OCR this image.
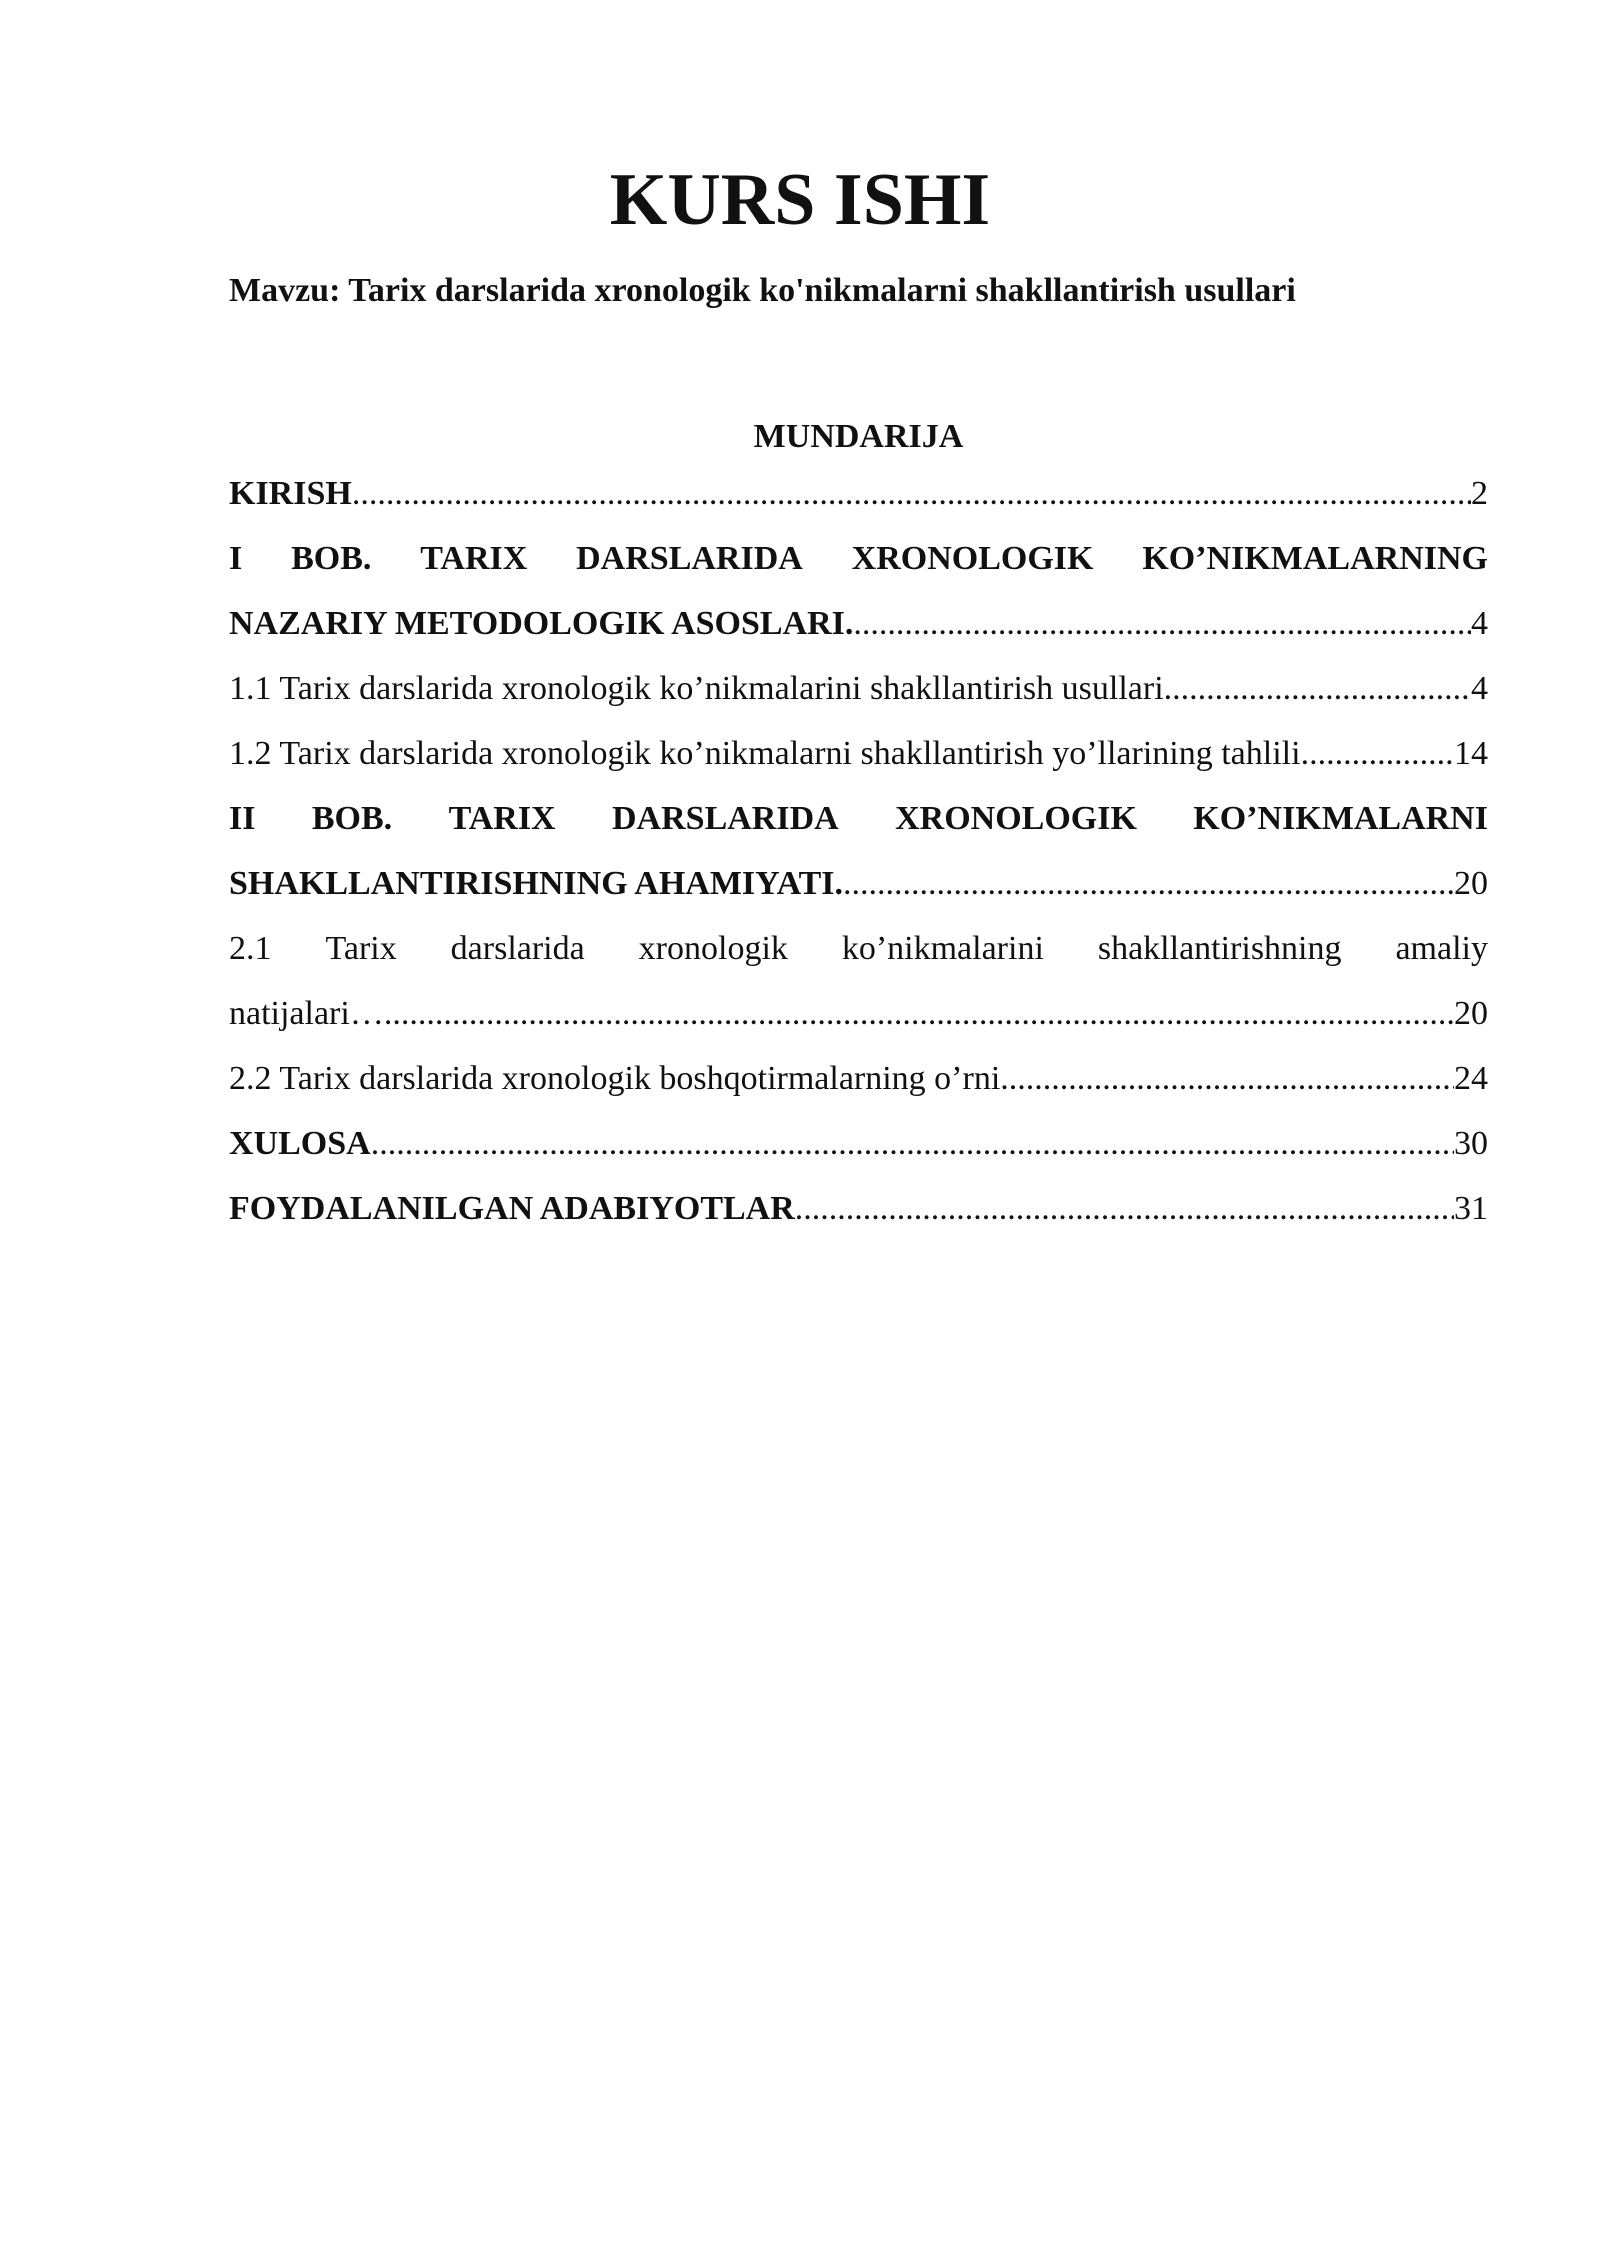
KURS ISHI
Mavzu: Tarix darslarida xronologik ko'nikmalarni shakllantirish usullari
MUNDARIJA
KIRISH .....	2
I BOB. TARIX DARSLARIDA XRONOLOGIK KO’NIKMALARNING
NAZARIY METODOLOGIK ASOSLARI. .....	4
1.1 Tarix darslarida xronologik ko’nikmalarini shakllantirish usullari .....	4
1.2 Tarix darslarida xronologik ko’nikmalarni shakllantirish yo’llarining tahlili .....	14
II BOB. TARIX DARSLARIDA XRONOLOGIK KO’NIKMALARNI
SHAKLLANTIRISHNING AHAMIYATI. .....	20
2.1 Tarix darslarida xronologik ko’nikmalarini shakllantirishning amaliy
natijalari… .....	20
2.2 Tarix darslarida xronologik boshqotirmalarning o’rni .....	24
XULOSA .....	30
FOYDALANILGAN ADABIYOTLAR .....	31
